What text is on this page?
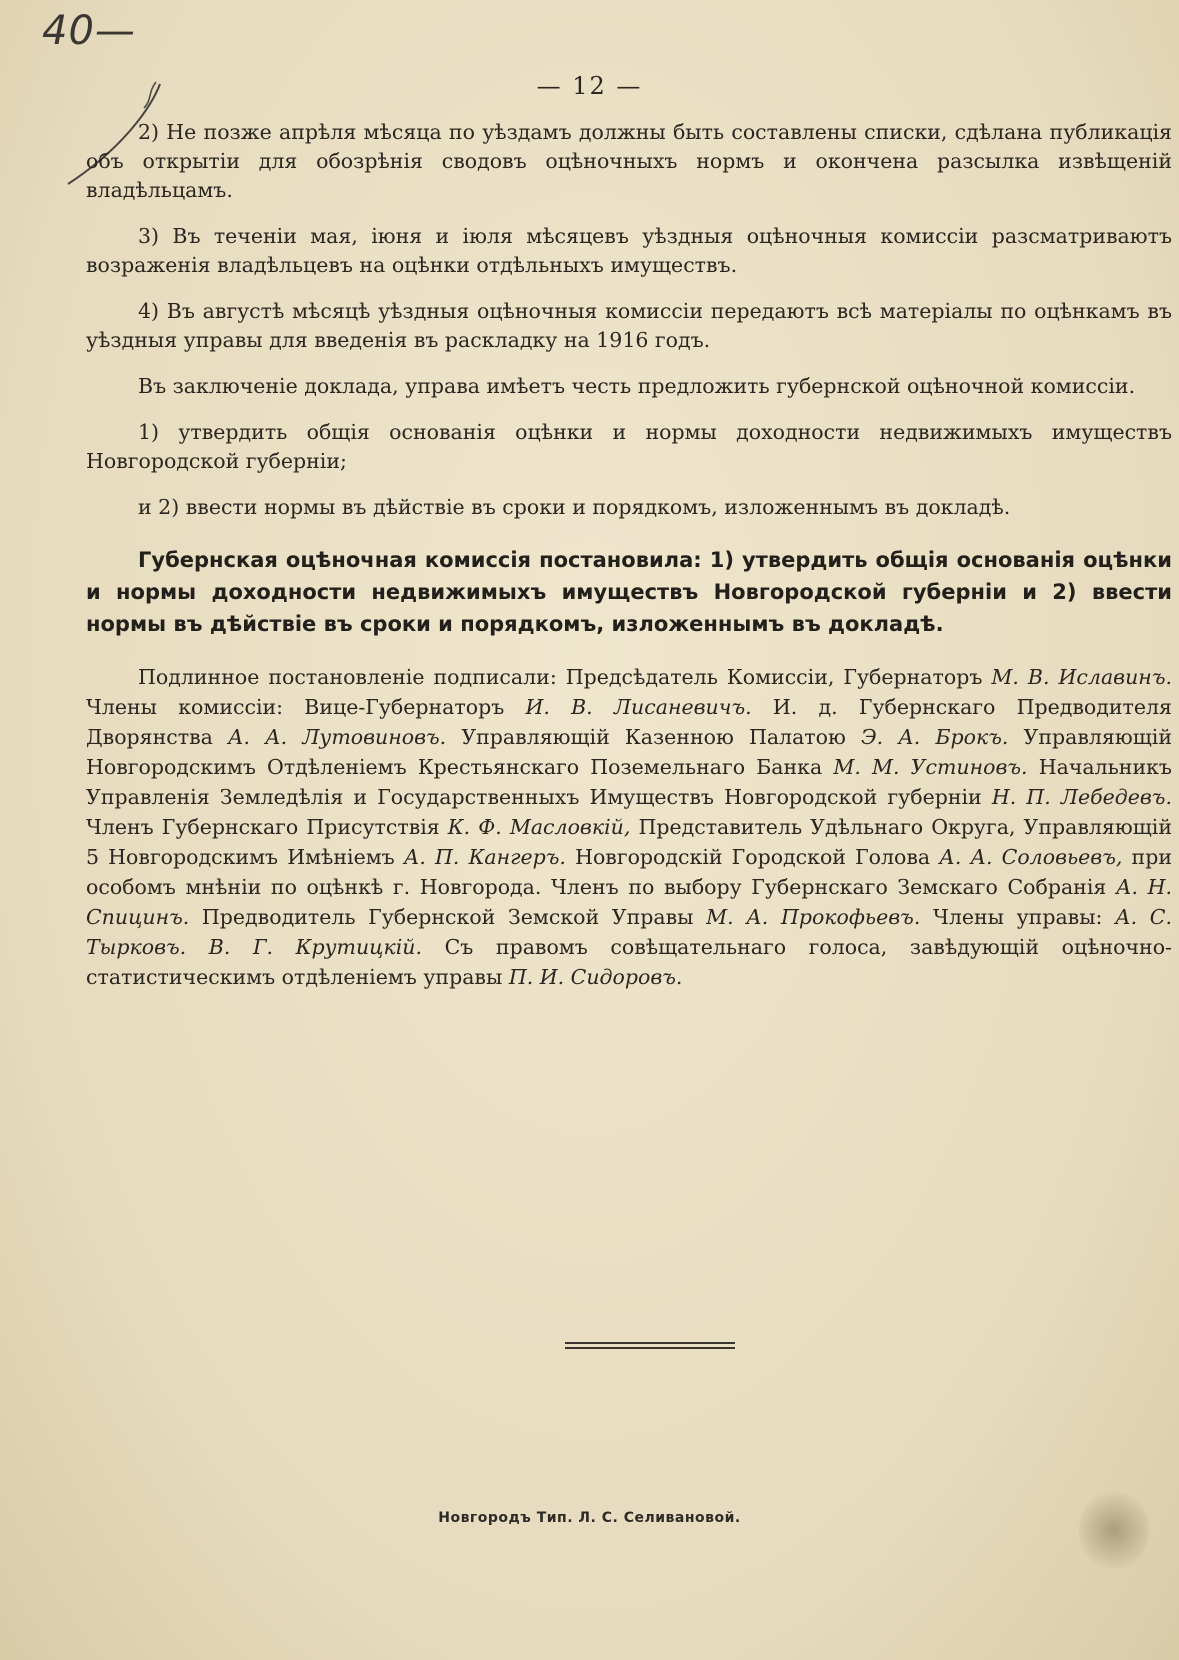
40—
— 12 —

2) Не позже апрѣля мѣсяца по уѣздамъ должны быть составлены списки, сдѣлана публикація объ открытіи для обозрѣнія сводовъ оцѣночныхъ нормъ и окончена разсылка извѣщеній владѣльцамъ.

3) Въ теченіи мая, іюня и іюля мѣсяцевъ уѣздныя оцѣночныя комиссіи разсматриваютъ возраженія владѣльцевъ на оцѣнки отдѣльныхъ имуществъ.

4) Въ августѣ мѣсяцѣ уѣздныя оцѣночныя комиссіи передаютъ всѣ матеріалы по оцѣнкамъ въ уѣздныя управы для введенія въ раскладку на 1916 годъ.

Въ заключеніе доклада, управа имѣетъ честь предложить губернской оцѣночной комиссіи.

1) утвердить общія основанія оцѣнки и нормы доходности недвижимыхъ имуществъ Новгородской губерніи;

и 2) ввести нормы въ дѣйствіе въ сроки и порядкомъ, изложеннымъ въ докладѣ.

Губернская оцѣночная комиссія постановила: 1) утвердить общія основанія оцѣнки и нормы доходности недвижимыхъ имуществъ Новгородской губерніи и 2) ввести нормы въ дѣйствіе въ сроки и порядкомъ, изложеннымъ въ докладѣ.

Подлинное постановленіе подписали: Предсѣдатель Комиссіи, Губернаторъ М. В. Иславинъ. Члены комиссіи: Вице-Губернаторъ И. В. Лисаневичъ. И. д. Губернскаго Предводителя Дворянства А. А. Лутовиновъ. Управляющій Казенною Палатою Э. А. Брокъ. Управляющій Новгородскимъ Отдѣленіемъ Крестьянскаго Поземельнаго Банка М. М. Устиновъ. Начальникъ Управленія Земледѣлія и Государственныхъ Имуществъ Новгородской губерніи Н. П. Лебедевъ. Членъ Губернскаго Присутствія К. Ф. Масловкій, Представитель Удѣльнаго Округа, Управляющій 5 Новгородскимъ Имѣніемъ А. П. Кангеръ. Новгородскій Городской Голова А. А. Соловьевъ, при особомъ мнѣніи по оцѣнкѣ г. Новгорода. Членъ по выбору Губернскаго Земскаго Собранія А. Н. Спицинъ. Предводитель Губернской Земской Управы М. А. Прокофьевъ. Члены управы: А. С. Тырковъ. В. Г. Крутицкій. Съ правомъ совѣщательнаго голоса, завѣдующій оцѣночно-статистическимъ отдѣленіемъ управы П. И. Сидоровъ.

Новгородъ Тип. Л. С. Селивановой.
